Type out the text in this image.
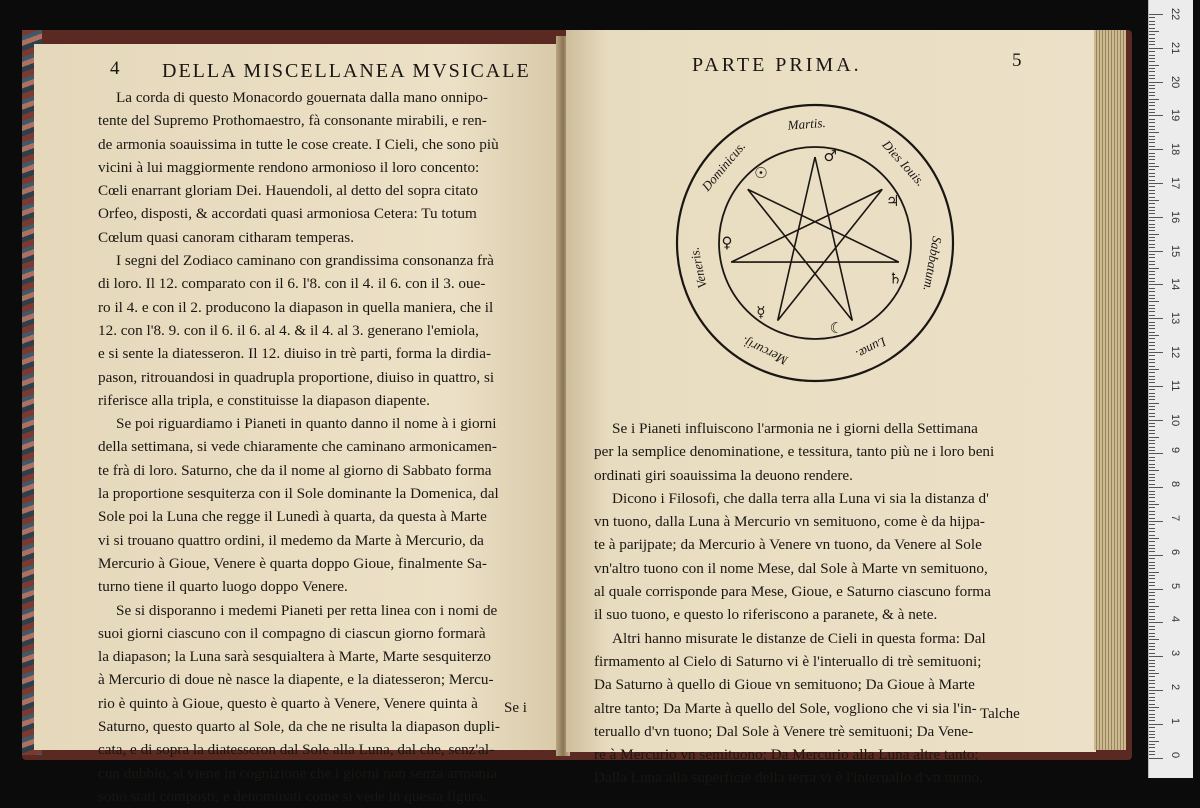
4 DELLA MISCELLANEA MVSICALE

La corda di questo Monacordo gouernata dalla mano onnipo-
tente del Supremo Prothomaestro, fà consonante mirabili, e ren-
de armonia soauissima in tutte le cose create. I Cieli, che sono più
vicini à lui maggiormente rendono armonioso il loro concento:
Cœli enarrant gloriam Dei. Hauendoli, al detto del sopra citato
Orfeo, disposti, & accordati quasi armoniosa Cetera: Tu totum
Cœlum quasi canoram citharam temperas.

I segni del Zodiaco caminano con grandissima consonanza frà
di loro. Il 12. comparato con il 6. l'8. con il 4. il 6. con il 3. oue-
ro il 4. e con il 2. producono la diapason in quella maniera, che il
12. con l'8. 9. con il 6. il 6. al 4. & il 4. al 3. generano l'emiola,
e si sente la diatesseron. Il 12. diuiso in trè parti, forma la dirdia-
pason, ritrouandosi in quadrupla proportione, diuiso in quattro, si
riferisce alla tripla, e constituisse la diapason diapente.

Se poi riguardiamo i Pianeti in quanto danno il nome à i giorni
della settimana, si vede chiaramente che caminano armonicamen-
te frà di loro. Saturno, che da il nome al giorno di Sabbato forma
la proportione sesquiterza con il Sole dominante la Domenica, dal
Sole poi la Luna che regge il Lunedì à quarta, da questa à Marte
vi si trouano quattro ordini, il medemo da Marte à Mercurio, da
Mercurio à Gioue, Venere è quarta doppo Gioue, finalmente Sa-
turno tiene il quarto luogo doppo Venere.

Se si disporanno i medemi Pianeti per retta linea con i nomi de
suoi giorni ciascuno con il compagno di ciascun giorno formarà
la diapason; la Luna sarà sesquialtera à Marte, Marte sesquiterzo
à Mercurio di doue nè nasce la diapente, e la diatesseron; Mercu-
rio è quinto à Gioue, questo è quarto à Venere, Venere quinta à
Saturno, questo quarto al Sole, da che ne risulta la diapason dupli-
cata, e di sopra la diatesseron dal Sole alla Luna, dal che, senz'al-
cun dubbio, si viene in cognizione che i giorni non senza armonia
sono stati composti, e denominati come si vede in questa figura.

Se i
PARTE PRIMA.	5
Martis.
Dies Iouis.
Sabbatum.
Lunæ.
Mercurij.
Veneris.
Dominicus.	♂
♃
♄
☾
☿
♀
☉

Se i Pianeti influiscono l'armonia ne i giorni della Settimana
per la semplice denominatione, e tessitura, tanto più ne i loro beni
ordinati giri soauissima la deuono rendere.

Dicono i Filosofi, che dalla terra alla Luna vi sia la distanza d'
vn tuono, dalla Luna à Mercurio vn semituono, come è da hijpa-
te à parijpate; da Mercurio à Venere vn tuono, da Venere al Sole
vn'altro tuono con il nome Mese, dal Sole à Marte vn semituono,
al quale corrisponde para Mese, Gioue, e Saturno ciascuno forma
il suo tuono, e questo lo riferiscono a paranete, & à nete.

Altri hanno misurate le distanze de Cieli in questa forma: Dal
firmamento al Cielo di Saturno vi è l'interuallo di trè semituoni;
Da Saturno à quello di Gioue vn semituono; Da Gioue à Marte
altre tanto; Da Marte à quello del Sole, vogliono che vi sia l'in-
teruallo d'vn tuono; Dal Sole à Venere trè semituoni; Da Vene-
re à Mercurio vn semituono; Da Mercurio alla Luna altre tanto;
Dalla Luna alla superficie della terra vi è l'interuallo d'vn tuono.

Talche
22
21
20
19
18
17
16
15
14
13
12
11
10
9
8
7
6
5
4
3
2
1
0
